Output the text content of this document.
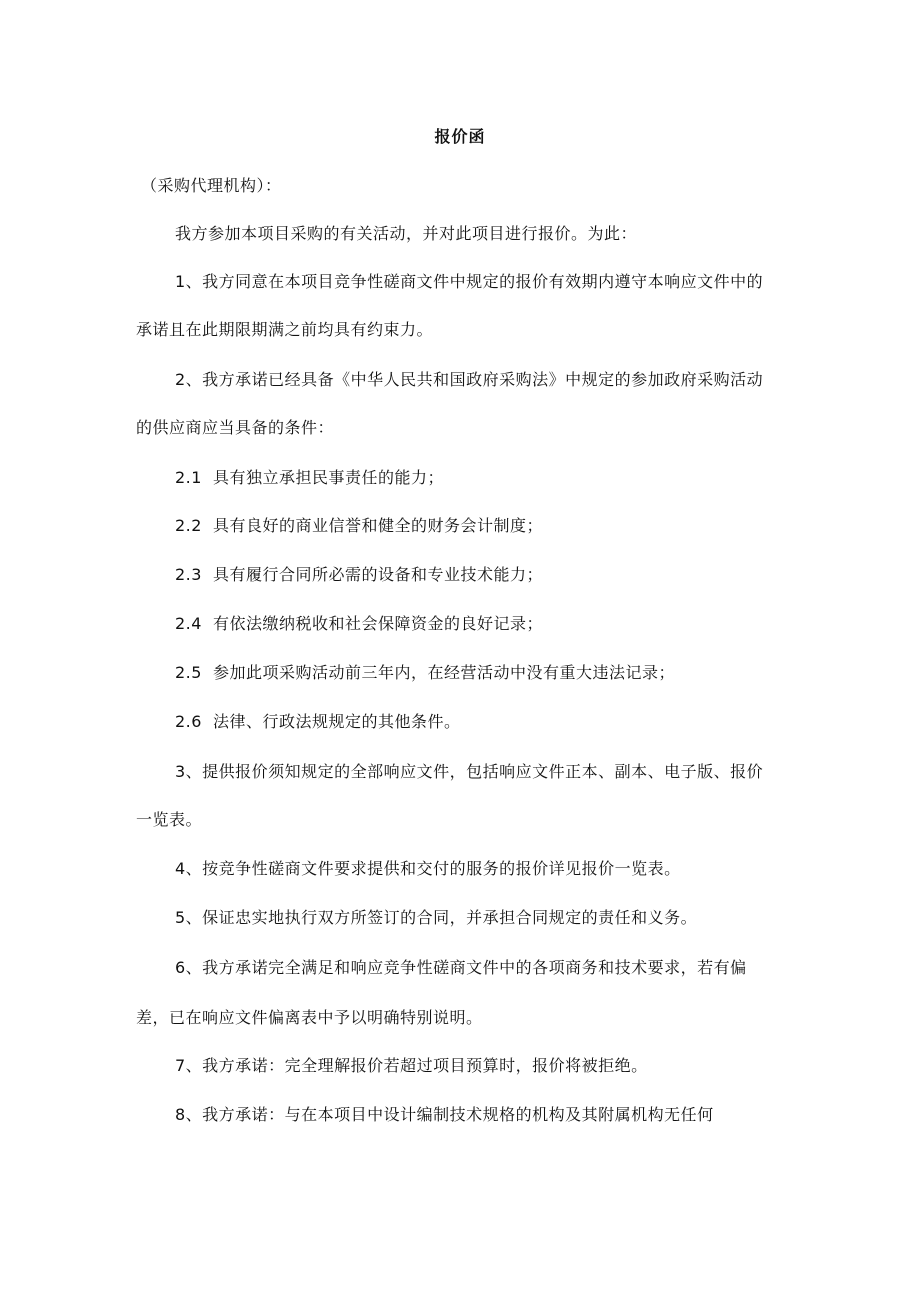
报价函
（采购代理机构）：
我方参加本项目采购的有关活动，并对此项目进行报价。为此：
1、我方同意在本项目竞争性磋商文件中规定的报价有效期内遵守本响应文件中的
承诺且在此期限期满之前均具有约束力。
2、我方承诺已经具备《中华人民共和国政府采购法》中规定的参加政府采购活动
的供应商应当具备的条件：
2.1 具有独立承担民事责任的能力；
2.2 具有良好的商业信誉和健全的财务会计制度；
2.3 具有履行合同所必需的设备和专业技术能力；
2.4 有依法缴纳税收和社会保障资金的良好记录；
2.5 参加此项采购活动前三年内，在经营活动中没有重大违法记录；
2.6 法律、行政法规规定的其他条件。
3、提供报价须知规定的全部响应文件，包括响应文件正本、副本、电子版、报价
一览表。
4、按竞争性磋商文件要求提供和交付的服务的报价详见报价一览表。
5、保证忠实地执行双方所签订的合同，并承担合同规定的责任和义务。
6、我方承诺完全满足和响应竞争性磋商文件中的各项商务和技术要求，若有偏
差，已在响应文件偏离表中予以明确特别说明。
7、我方承诺：完全理解报价若超过项目预算时，报价将被拒绝。
8、我方承诺：与在本项目中设计编制技术规格的机构及其附属机构无任何
